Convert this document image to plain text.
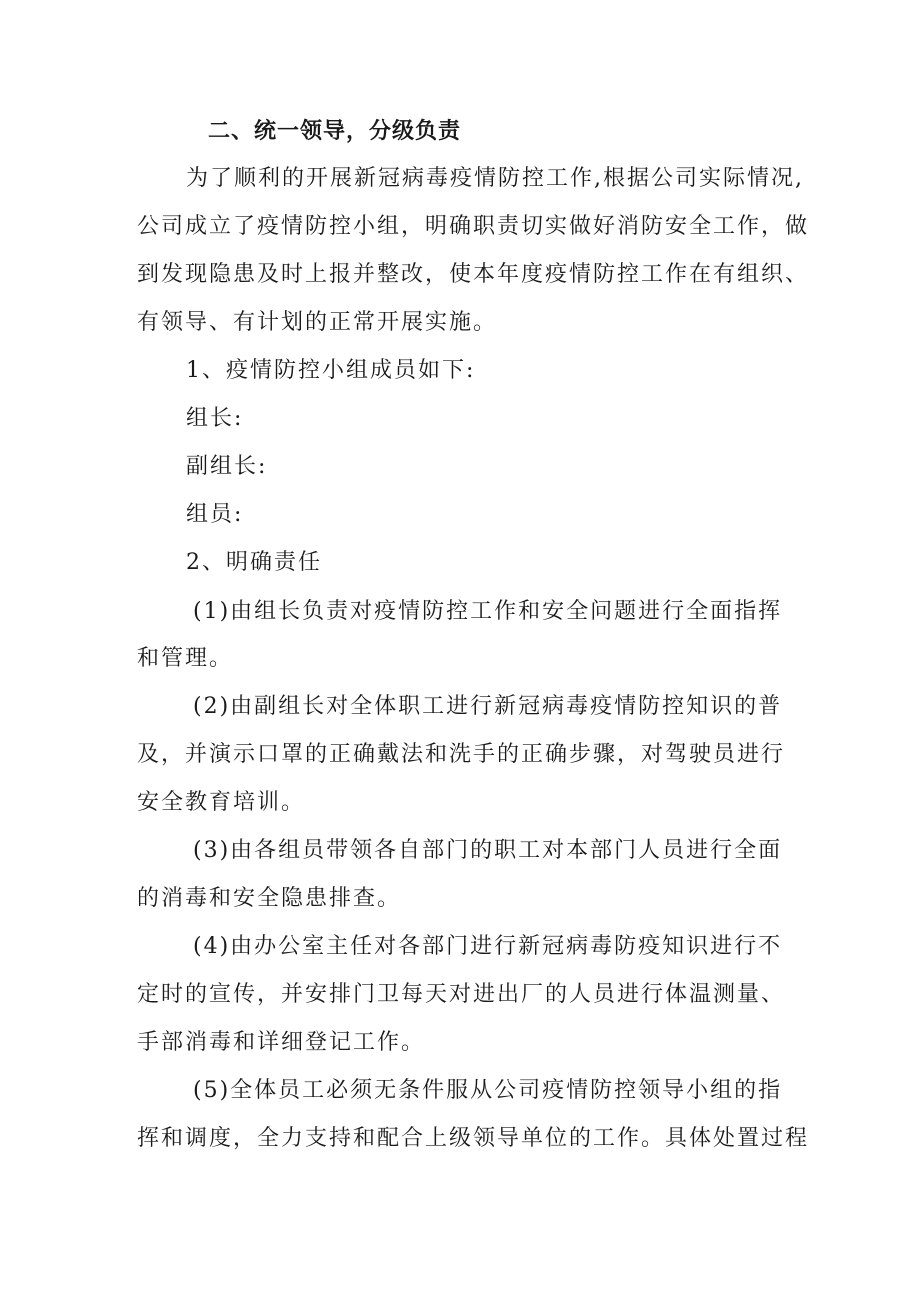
二、统一领导，分级负责

为了顺利的开展新冠病毒疫情防控工作,根据公司实际情况,

公司成立了疫情防控小组，明确职责切实做好消防安全工作，做

到发现隐患及时上报并整改，使本年度疫情防控工作在有组织、

有领导、有计划的正常开展实施。

1、疫情防控小组成员如下:

组长:

副组长:

组员:

2、明确责任

(1)由组长负责对疫情防控工作和安全问题进行全面指挥

和管理。

(2)由副组长对全体职工进行新冠病毒疫情防控知识的普

及，并演示口罩的正确戴法和洗手的正确步骤，对驾驶员进行

安全教育培训。

(3)由各组员带领各自部门的职工对本部门人员进行全面

的消毒和安全隐患排查。

(4)由办公室主任对各部门进行新冠病毒防疫知识进行不

定时的宣传，并安排门卫每天对进出厂的人员进行体温测量、

手部消毒和详细登记工作。

(5)全体员工必须无条件服从公司疫情防控领导小组的指

挥和调度，全力支持和配合上级领导单位的工作。具体处置过程
